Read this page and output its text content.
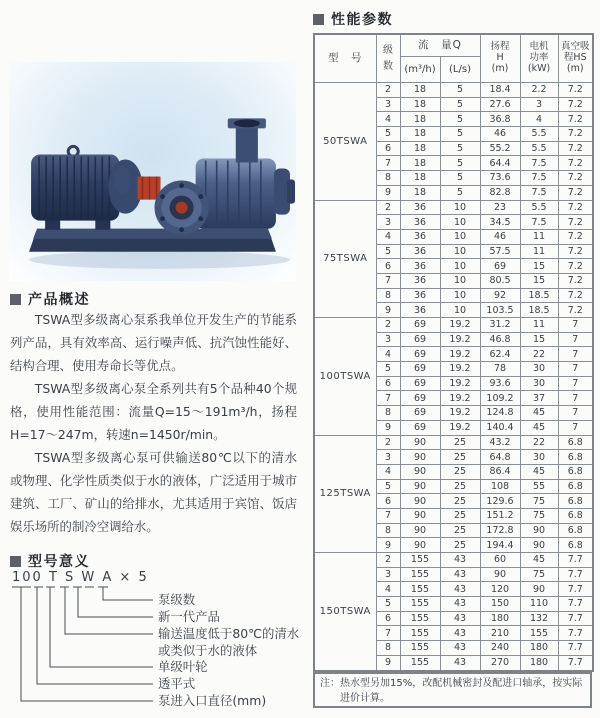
产品概述

TSWA型多级离心泵系我单位开发生产的节能系列产品，具有效率高、运行噪声低、抗汽蚀性能好、结构合理、使用寿命长等优点。

TSWA型多级离心泵全系列共有5个品种40个规格，使用性能范围：流量Q=15～191m³/h，扬程H=17～247m，转速n=1450r/min。

TSWA型多级离心泵可供输送80℃以下的清水或物理、化学性质类似于水的液体，广泛适用于城市建筑、工厂、矿山的给排水，尤其适用于宾馆、饭店娱乐场所的制冷空调给水。

型号意义
100 T S W A × 5
泵级数
新一代产品
输送温度低于80℃的清水
或类似于水的液体
单级叶轮
透平式
泵进入口直径(mm)
性能参数
型　号	级
数	流　量Q		扬程
H
(m)	电机
功率
(kW)	真空吸
程HS
(m)

		(m³/h)	(L/s)			
50TSWA	2	18	5	18.4	2.2	7.2
	3	18	5	27.6	3	7.2
	4	18	5	36.8	4	7.2
	5	18	5	46	5.5	7.2
	6	18	5	55.2	5.5	7.2
	7	18	5	64.4	7.5	7.2
	8	18	5	73.6	7.5	7.2
	9	18	5	82.8	7.5	7.2
75TSWA	2	36	10	23	5.5	7.2
	3	36	10	34.5	7.5	7.2
	4	36	10	46	11	7.2
	5	36	10	57.5	11	7.2
	6	36	10	69	15	7.2
	7	36	10	80.5	15	7.2
	8	36	10	92	18.5	7.2
	9	36	10	103.5	18.5	7.2
100TSWA	2	69	19.2	31.2	11	7
	3	69	19.2	46.8	15	7
	4	69	19.2	62.4	22	7
	5	69	19.2	78	30	7
	6	69	19.2	93.6	30	7
	7	69	19.2	109.2	37	7
	8	69	19.2	124.8	45	7
	9	69	19.2	140.4	45	7
125TSWA	2	90	25	43.2	22	6.8
	3	90	25	64.8	30	6.8
	4	90	25	86.4	45	6.8
	5	90	25	108	55	6.8
	6	90	25	129.6	75	6.8
	7	90	25	151.2	75	6.8
	8	90	25	172.8	90	6.8
	9	90	25	194.4	90	6.8
150TSWA	2	155	43	60	45	7.7
	3	155	43	90	75	7.7
	4	155	43	120	90	7.7
	5	155	43	150	110	7.7
	6	155	43	180	132	7.7
	7	155	43	210	155	7.7
	8	155	43	240	180	7.7
	9	155	43	270	180	7.7
注：热水型另加15%，改配机械密封及配进口轴承，按实际进价计算。
